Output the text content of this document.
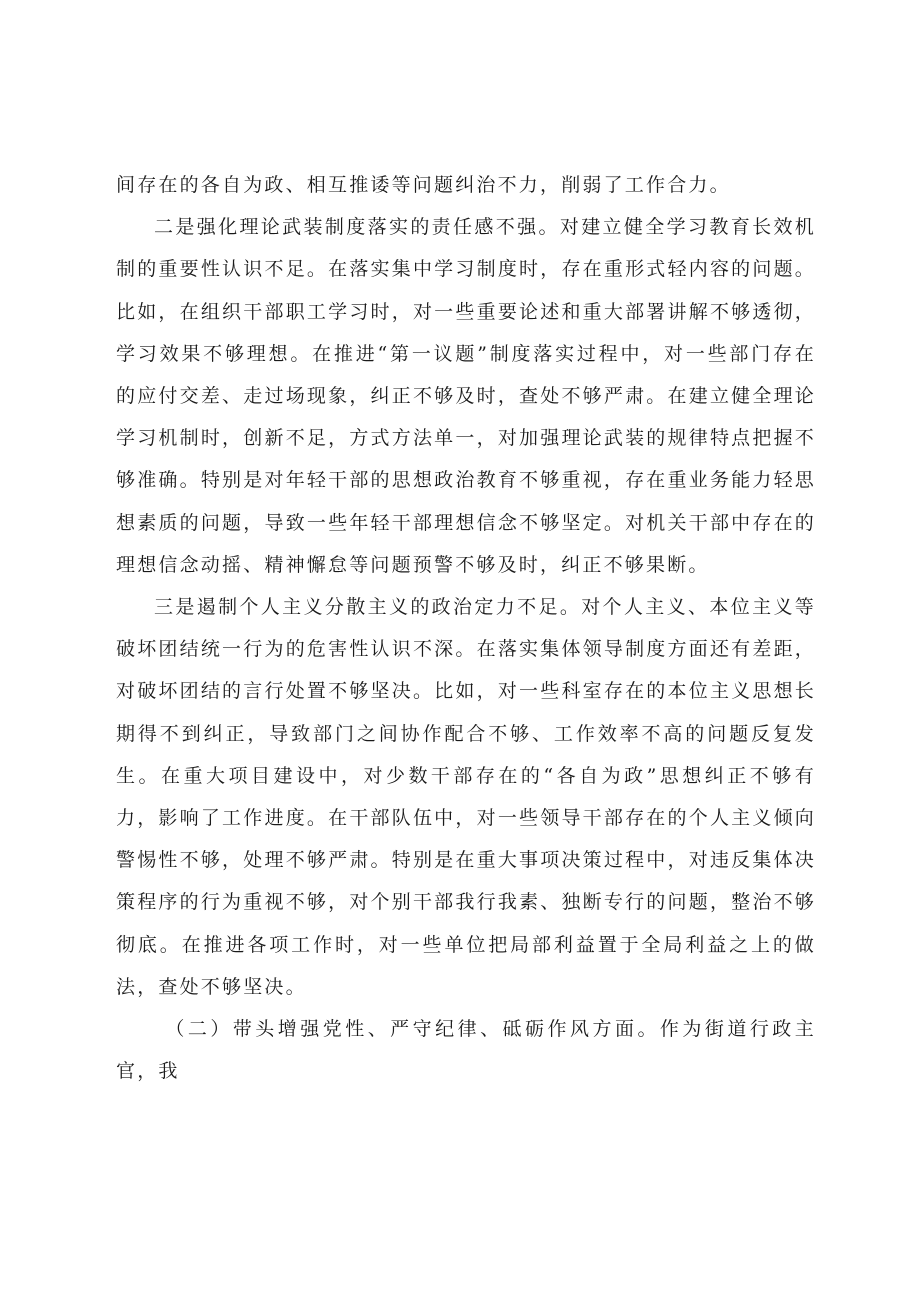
间存在的各自为政、相互推诿等问题纠治不力，削弱了工作合力。

二是强化理论武装制度落实的责任感不强。对建立健全学习教育长效机制的重要性认识不足。在落实集中学习制度时，存在重形式轻内容的问题。比如，在组织干部职工学习时，对一些重要论述和重大部署讲解不够透彻，学习效果不够理想。在推进“第一议题”制度落实过程中，对一些部门存在的应付交差、走过场现象，纠正不够及时，查处不够严肃。在建立健全理论学习机制时，创新不足，方式方法单一，对加强理论武装的规律特点把握不够准确。特别是对年轻干部的思想政治教育不够重视，存在重业务能力轻思想素质的问题，导致一些年轻干部理想信念不够坚定。对机关干部中存在的理想信念动摇、精神懈怠等问题预警不够及时，纠正不够果断。

三是遏制个人主义分散主义的政治定力不足。对个人主义、本位主义等破坏团结统一行为的危害性认识不深。在落实集体领导制度方面还有差距，对破坏团结的言行处置不够坚决。比如，对一些科室存在的本位主义思想长期得不到纠正，导致部门之间协作配合不够、工作效率不高的问题反复发生。在重大项目建设中，对少数干部存在的“各自为政”思想纠正不够有力，影响了工作进度。在干部队伍中，对一些领导干部存在的个人主义倾向警惕性不够，处理不够严肃。特别是在重大事项决策过程中，对违反集体决策程序的行为重视不够，对个别干部我行我素、独断专行的问题，整治不够彻底。在推进各项工作时，对一些单位把局部利益置于全局利益之上的做法，查处不够坚决。

（二）带头增强党性、严守纪律、砥砺作风方面。作为街道行政主官，我
